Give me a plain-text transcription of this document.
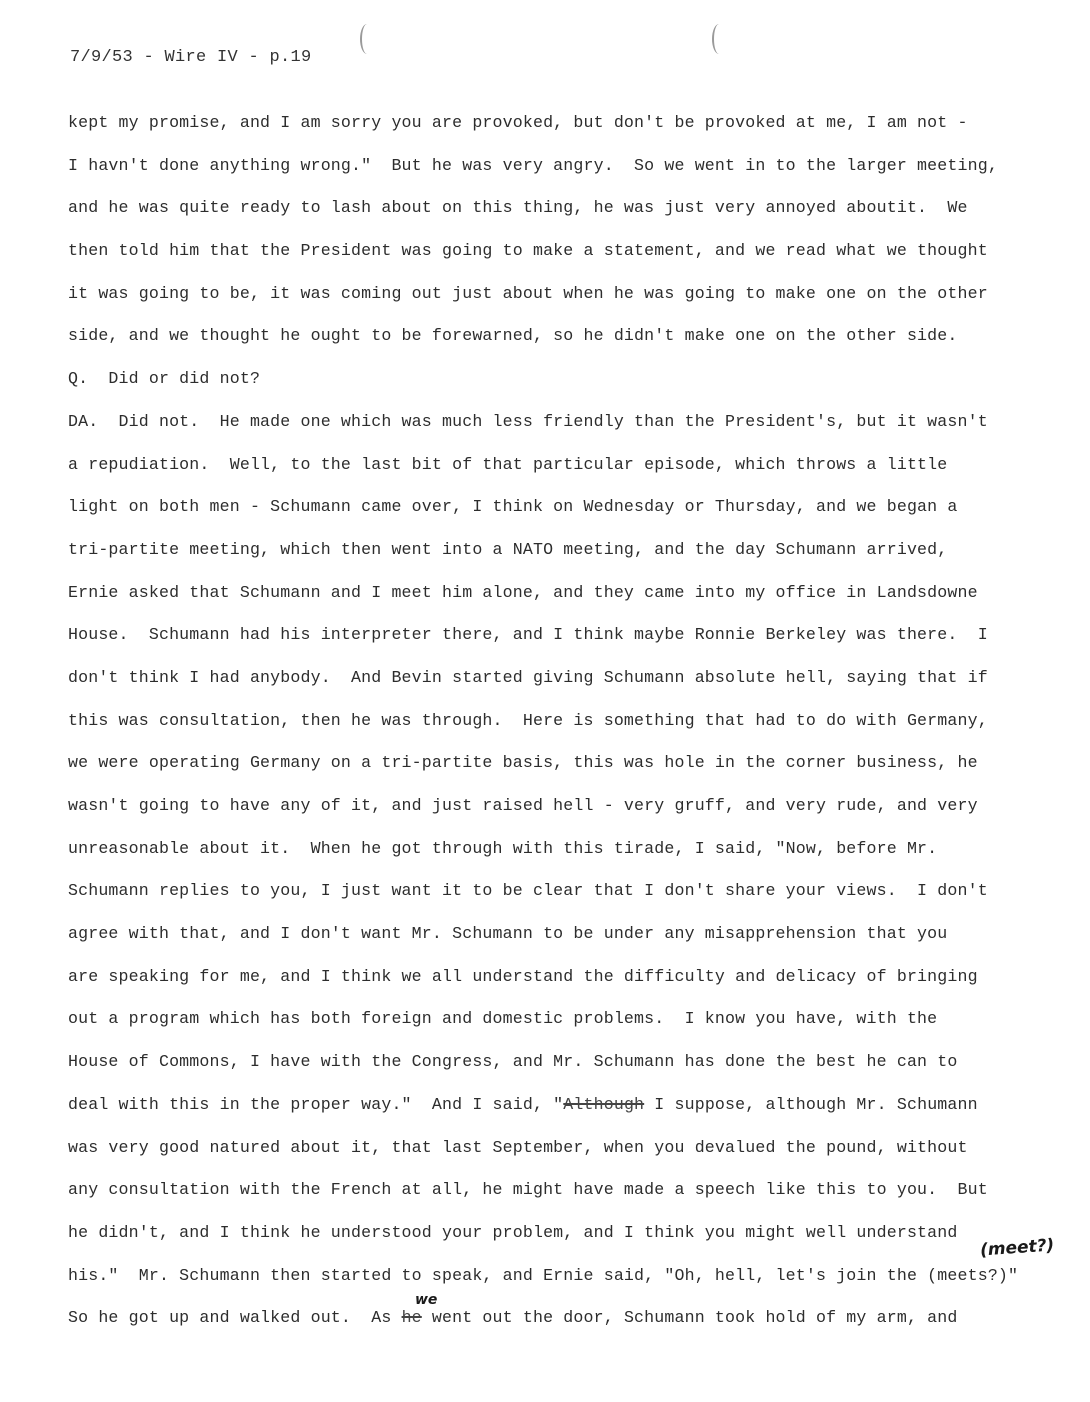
7/9/53 - Wire IV - p.19
kept my promise, and I am sorry you are provoked, but don't be provoked at me, I am not -
I havn't done anything wrong."  But he was very angry.  So we went in to the larger meeting,
and he was quite ready to lash about on this thing, he was just very annoyed aboutit.  We
then told him that the President was going to make a statement, and we read what we thought
it was going to be, it was coming out just about when he was going to make one on the other
side, and we thought he ought to be forewarned, so he didn't make one on the other side.
Q.  Did or did not?
DA.  Did not.  He made one which was much less friendly than the President's, but it wasn't
a repudiation.  Well, to the last bit of that particular episode, which throws a little
light on both men - Schumann came over, I think on Wednesday or Thursday, and we began a
tri-partite meeting, which then went into a NATO meeting, and the day Schumann arrived,
Ernie asked that Schumann and I meet him alone, and they came into my office in Landsdowne
House.  Schumann had his interpreter there, and I think maybe Ronnie Berkeley was there.  I
don't think I had anybody.  And Bevin started giving Schumann absolute hell, saying that if
this was consultation, then he was through.  Here is something that had to do with Germany,
we were operating Germany on a tri-partite basis, this was hole in the corner business, he
wasn't going to have any of it, and just raised hell - very gruff, and very rude, and very
unreasonable about it.  When he got through with this tirade, I said, "Now, before Mr.
Schumann replies to you, I just want it to be clear that I don't share your views.  I don't
agree with that, and I don't want Mr. Schumann to be under any misapprehension that you
are speaking for me, and I think we all understand the difficulty and delicacy of bringing
out a program which has both foreign and domestic problems.  I know you have, with the
House of Commons, I have with the Congress, and Mr. Schumann has done the best he can to
deal with this in the proper way."  And I said, "Although I suppose, although Mr. Schumann
was very good natured about it, that last September, when you devalued the pound, without
any consultation with the French at all, he might have made a speech like this to you.  But
he didn't, and I think he understood your problem, and I think you might well understand
his."  Mr. Schumann then started to speak, and Ernie said, "Oh, hell, let's join the (meets?)"
So he got up and walked out.  As he went out the door, Schumann took hold of my arm, and
(meet?)
we
